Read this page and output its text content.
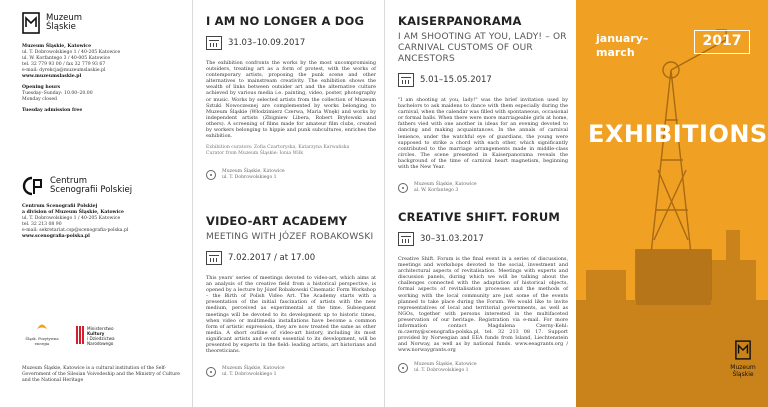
Muzeum
Śląskie
Muzeum Śląskie, Katowice
ul. T. Dobrowolskiego 1 / 40-205 Katowice
ul. W. Korfantego 3 / 40-005 Katowice
tel. 32 779 93 00 / fax 32 779 93 67
e-mail: dyrekcja@muzeumslaskie.pl
www.muzeumslaskie.pl
Opening hours
Tuesday–Sunday: 10.00–20.00
Monday closed
Tuesday admission free
Centrum
Scenografii Polskiej
Centrum Scenografii Polskiej
a division of Muzeum Śląskie, Katowice
ul. T. Dobrowolskiego 1 / 40-205 Katowice
tel. 32 213 08 90
e-mail: sekretariat.csp@scenografia-polska.pl
www.scenografia-polska.pl
Śląsk. Pozytywna energia
Ministerstwo
Kultury
i Dziedzictwa
Narodowego
Muzeum Śląskie, Katowice is a cultural institution of the Self-Government of the Silesian Voivodeship and the Ministry of Culture and the National Heritage
I AM NO LONGER A DOG
31.03–10.09.2017
The exhibition confronts the works by the most uncompromising outsiders, treating art as a form of protest, with the works of contemporary artists, proposing the punk scene and other alternatives to mainstream creativity. The exhibition shows the wealth of links between outsider art and the alternative culture achieved by various media i.e. painting, video, poster, photography or music. Works by selected artists from the collection of Muzeum Sztuki Nowoczesnej are complemented by works belonging to Muzeum Śląskie (Włodzimierz Czerwa, Maria Wnęk) and works by independent artists (Zbigniew Libera, Robert Bryłowski and others). A screening of films made for amateur film clubs, created by workers belonging to hippie and punk subcultures, enriches the exhibition.
Exhibition curators: Zofia Czartoryska, Katarzyna Karwańska
Curator from Muzeum Śląskie: Ionia Wilk
Muzeum Śląskie, Katowice
ul. T. Dobrowolskiego 1
VIDEO-ART ACADEMY
MEETING WITH JÓZEF ROBAKOWSKI
7.02.2017 / at 17.00
This years' series of meetings devoted to video-art, which aims at an analysis of the creative field from a historical perspective, is opened by a lecture by Józef Robakowski Cinematic Form Workshop – the Birth of Polish Video Art. The Academy starts with a presentation of the initial fascination of artists with the new medium, perceived as experimental at the time. Subsequent meetings will be devoted to its development up to historic times, when video or multimedia installations have become a common form of artistic expression, they are now treated the same as other media. A short outline of video-art history, including its most significant artists and events essential to its development, will be presented by experts in the field: leading artists, art historians and theoreticians.
Muzeum Śląskie, Katowice
ul. T. Dobrowolskiego 1
KAISERPANORAMA
I AM SHOOTING AT YOU, LADY! – OR CARNIVAL CUSTOMS OF OUR ANCESTORS
5.01–15.05.2017
"I am shooting at you, lady!" was the brief invitation used by bachelors to ask maidens to dance with them especially during the carnival, when the calendar was filled with spontaneous, occasional or formal balls. When there were more marriageable girls at home, fathers vied with one another in ideas for an evening devoted to dancing and making acquaintances. In the annals of carnival lenience, under the watchful eye of guardians, the young were supposed to strike a chord with each other, which significantly contributed to the marriage arrangements made in middle-class circles. The scene presented in Kaiserpanorama reveals the background of the time of carnival heart magnetism, beginning with the New Year.
Muzeum Śląskie, Katowice
al. W. Korfantego 3
CREATIVE SHIFT. FORUM
30–31.03.2017
Creative Shift. Forum is the final event in a series of discussions, meetings and workshops devoted to the social, investment and architectural aspects of revitalisation. Meetings with experts and discussion panels, during which we will be talking about the challenges connected with the adaptation of historical objects, formal aspects of revitalisation processes and the methods of working with the local community are just some of the events planned to take place during the Forum. We would like to invite representatives of local and territorial governments, as well as NGOs, together with persons interested in the multifaceted preservation of our heritage. Registration via e-mail. For more information contact Magdalena Czerny-Kehl: m.czerny@scenografia-polska.pl, tel. 32 213 08 17. Support provided by Norwegian and EEA funds from Island, Liechtenstein and Norway, as well as by national funds. www.eeagrants.org / www.norwaygrants.org
Muzeum Śląskie, Katowice
ul. T. Dobrowolskiego 1
january–
march
2017
EXHIBITIONS
Muzeum
Śląskie
